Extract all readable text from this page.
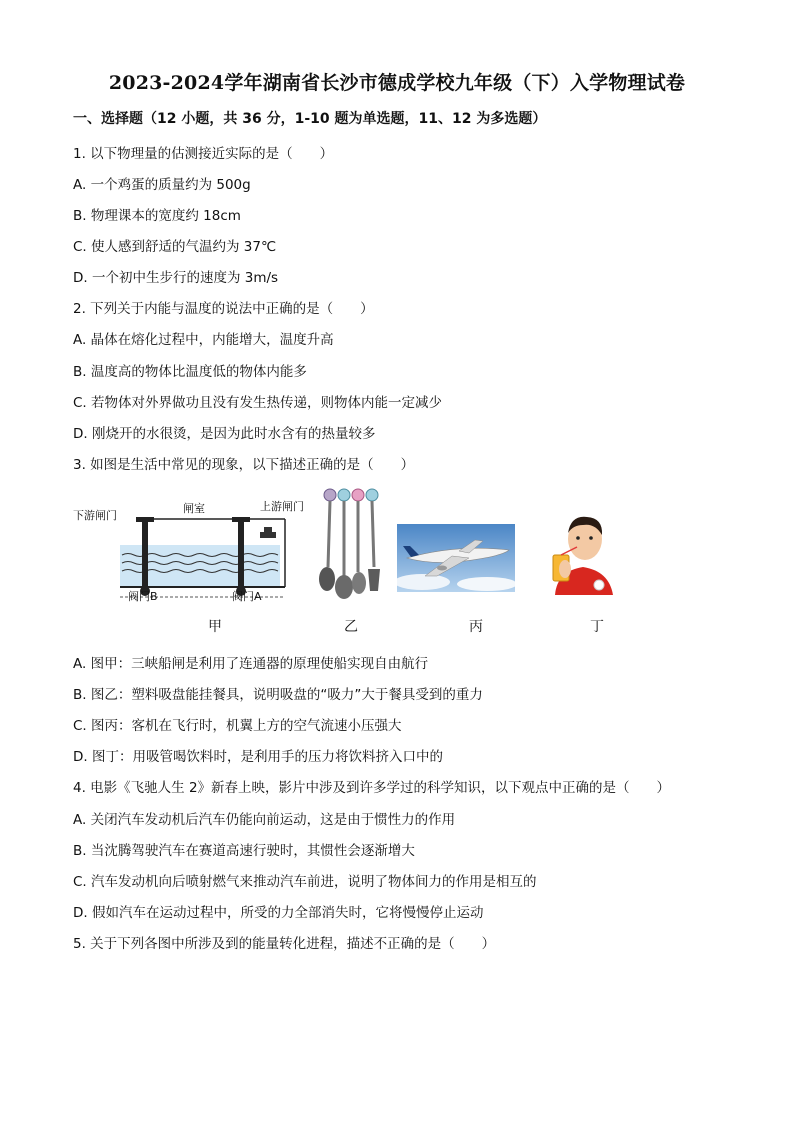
2023-2024学年湖南省长沙市德成学校九年级（下）入学物理试卷
一、选择题（12 小题，共 36 分，1-10 题为单选题，11、12 为多选题）
1. 以下物理量的估测接近实际的是（　　）
A. 一个鸡蛋的质量约为 500g
B. 物理课本的宽度约 18cm
C. 使人感到舒适的气温约为 37℃
D. 一个初中生步行的速度为 3m/s
2. 下列关于内能与温度的说法中正确的是（　　）
A. 晶体在熔化过程中，内能增大，温度升高
B. 温度高的物体比温度低的物体内能多
C. 若物体对外界做功且没有发生热传递，则物体内能一定减少
D. 刚烧开的水很烫，是因为此时水含有的热量较多
3. 如图是生活中常见的现象，以下描述正确的是（　　）
下游闸门
闸室	上游闸门
阀门B	阀门A
甲	乙	丙	丁
A. 图甲：三峡船闸是利用了连通器的原理使船实现自由航行
B. 图乙：塑料吸盘能挂餐具，说明吸盘的“吸力”大于餐具受到的重力
C. 图丙：客机在飞行时，机翼上方的空气流速小压强大
D. 图丁：用吸管喝饮料时，是利用手的压力将饮料挤入口中的
4. 电影《飞驰人生 2》新春上映，影片中涉及到许多学过的科学知识，以下观点中正确的是（　　）
A. 关闭汽车发动机后汽车仍能向前运动，这是由于惯性力的作用
B. 当沈腾驾驶汽车在赛道高速行驶时，其惯性会逐渐增大
C. 汽车发动机向后喷射燃气来推动汽车前进，说明了物体间力的作用是相互的
D. 假如汽车在运动过程中，所受的力全部消失时，它将慢慢停止运动
5. 关于下列各图中所涉及到的能量转化进程，描述不正确的是（　　）
